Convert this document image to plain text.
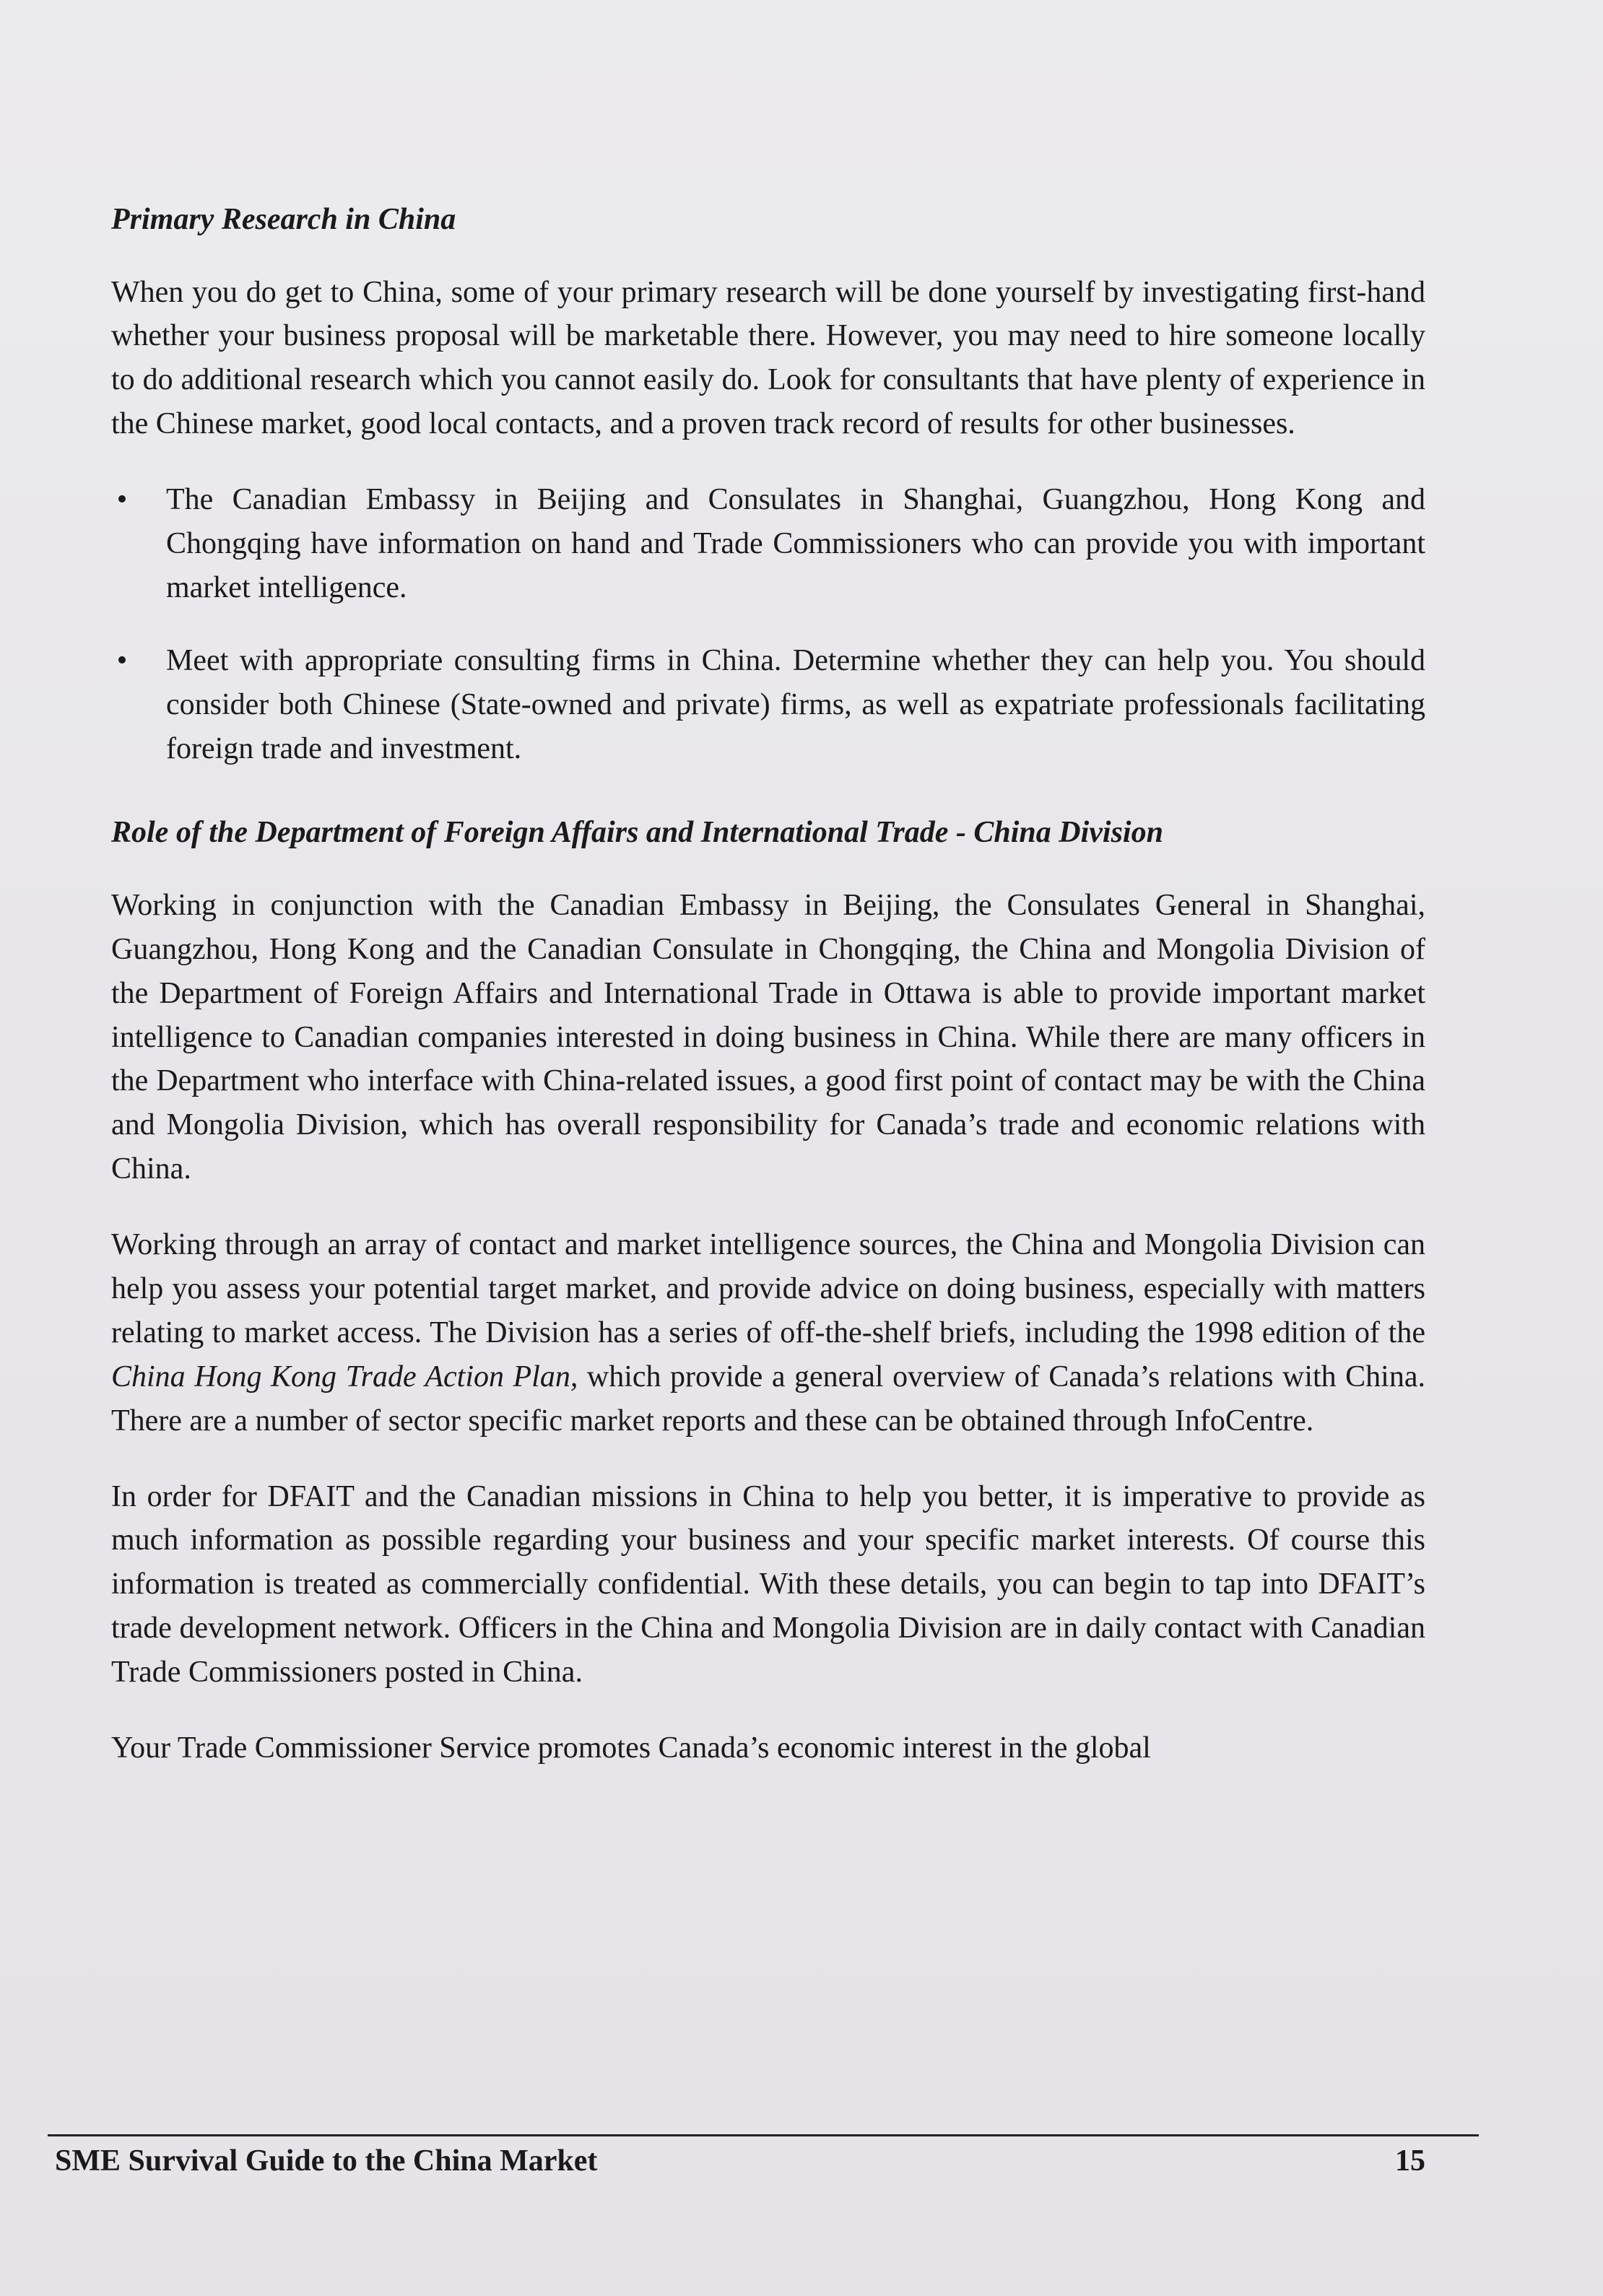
Primary Research in China

When you do get to China, some of your primary research will be done yourself by investigating first-hand whether your business proposal will be marketable there. However, you may need to hire someone locally to do additional research which you cannot easily do. Look for consultants that have plenty of experience in the Chinese market, good local contacts, and a proven track record of results for other businesses.

• The Canadian Embassy in Beijing and Consulates in Shanghai, Guangzhou, Hong Kong and Chongqing have information on hand and Trade Commissioners who can provide you with important market intelligence.
• Meet with appropriate consulting firms in China. Determine whether they can help you. You should consider both Chinese (State-owned and private) firms, as well as expatriate professionals facilitating foreign trade and investment.
Role of the Department of Foreign Affairs and International Trade - China Division

Working in conjunction with the Canadian Embassy in Beijing, the Consulates General in Shanghai, Guangzhou, Hong Kong and the Canadian Consulate in Chongqing, the China and Mongolia Division of the Department of Foreign Affairs and International Trade in Ottawa is able to provide important market intelligence to Canadian companies interested in doing business in China. While there are many officers in the Department who interface with China-related issues, a good first point of contact may be with the China and Mongolia Division, which has overall responsibility for Canada’s trade and economic relations with China.

Working through an array of contact and market intelligence sources, the China and Mongolia Division can help you assess your potential target market, and provide advice on doing business, especially with matters relating to market access. The Division has a series of off-the-shelf briefs, including the 1998 edition of the China Hong Kong Trade Action Plan, which provide a general overview of Canada’s relations with China. There are a number of sector specific market reports and these can be obtained through InfoCentre.

In order for DFAIT and the Canadian missions in China to help you better, it is imperative to provide as much information as possible regarding your business and your specific market interests. Of course this information is treated as commercially confidential. With these details, you can begin to tap into DFAIT’s trade development network. Officers in the China and Mongolia Division are in daily contact with Canadian Trade Commissioners posted in China.

Your Trade Commissioner Service promotes Canada’s economic interest in the global

SME Survival Guide to the China Market	15
